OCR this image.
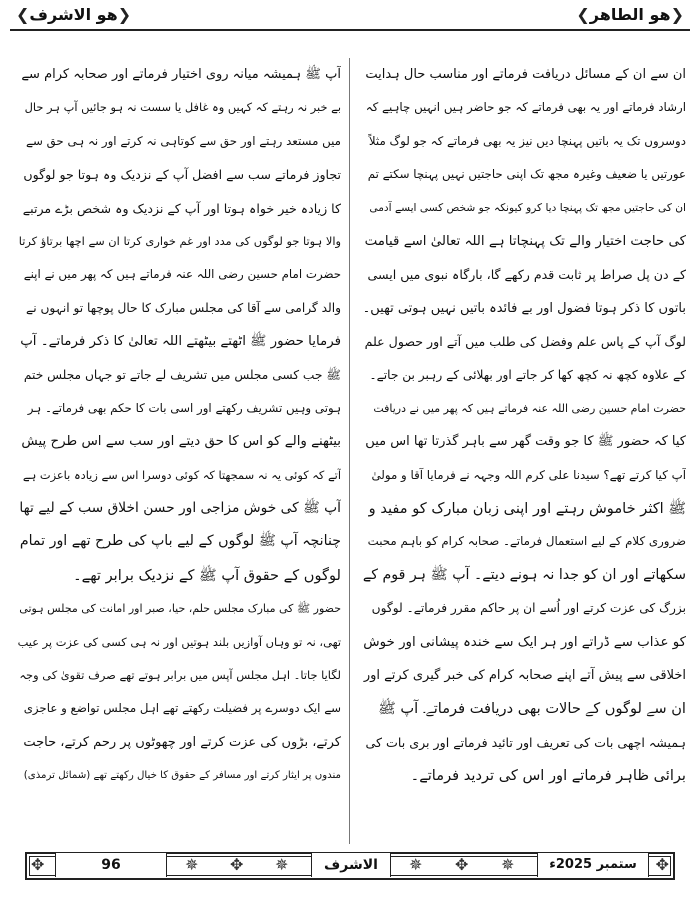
❮ھو الاشرف❯	❮ھو الطاھر❯
ان سے ان کے مسائل دریافت فرماتے اور مناسب حال ہدایت
ارشاد فرماتے اور یہ بھی فرماتے کہ جو حاضر ہیں انہیں چاہیے کہ
دوسروں تک یہ باتیں پہنچا دیں نیز یہ بھی فرماتے کہ جو لوگ مثلاً
عورتیں یا ضعیف وغیرہ مجھ تک اپنی حاجتیں نہیں پہنچا سکتے تم
ان کی حاجتیں مجھ تک پہنچا دیا کرو کیونکہ جو شخص کسی ایسے آدمی
کی حاجت اختیار والے تک پہنچاتا ہے اللہ تعالیٰ اسے قیامت
کے دن پل صراط پر ثابت قدم رکھے گا، بارگاہ نبوی میں ایسی
باتوں کا ذکر ہوتا فضول اور بے فائدہ باتیں نہیں ہوتی تھیں۔
لوگ آپ کے پاس علم وفضل کی طلب میں آتے اور حصول علم
کے علاوہ کچھ نہ کچھ کھا کر جاتے اور بھلائی کے رہبر بن جاتے۔
حضرت امام حسین رضی اللہ عنہ فرماتے ہیں کہ پھر میں نے دریافت
کیا کہ حضور ﷺ کا جو وقت گھر سے باہر گذرتا تھا اس میں
آپ کیا کرتے تھے؟ سیدنا علی کرم اللہ وجہہ نے فرمایا آقا و مولیٰ
ﷺ اکثر خاموش رہتے اور اپنی زبان مبارک کو مفید و
ضروری کلام کے لیے استعمال فرماتے۔ صحابہ کرام کو باہم محبت
سکھاتے اور ان کو جدا نہ ہونے دیتے۔ آپ ﷺ ہر قوم کے
بزرگ کی عزت کرتے اور اُسے ان پر حاکم مقرر فرماتے۔ لوگوں
کو عذاب سے ڈراتے اور ہر ایک سے خندہ پیشانی اور خوش
اخلاقی سے پیش آتے اپنے صحابہ کرام کی خبر گیری کرتے اور
ان سے لوگوں کے حالات بھی دریافت فرماتے۔ آپ ﷺ
ہمیشہ اچھی بات کی تعریف اور تائید فرماتے اور بری بات کی
برائی ظاہر فرماتے اور اس کی تردید فرماتے۔
آپ ﷺ ہمیشہ میانہ روی اختیار فرماتے اور صحابہ کرام سے
بے خبر نہ رہتے کہ کہیں وہ غافل یا سست نہ ہو جائیں آپ ہر حال
میں مستعد رہتے اور حق سے کوتاہی نہ کرتے اور نہ ہی حق سے
تجاوز فرماتے سب سے افضل آپ کے نزدیک وہ ہوتا جو لوگوں
کا زیادہ خیر خواہ ہوتا اور آپ کے نزدیک وہ شخص بڑے مرتبے
والا ہوتا جو لوگوں کی مدد اور غم خواری کرتا ان سے اچھا برتاؤ کرتا
حضرت امام حسین رضی اللہ عنہ فرماتے ہیں کہ پھر میں نے اپنے
والد گرامی سے آقا کی مجلس مبارک کا حال پوچھا تو انہوں نے
فرمایا حضور ﷺ اٹھتے بیٹھتے اللہ تعالیٰ کا ذکر فرماتے۔ آپ
ﷺ جب کسی مجلس میں تشریف لے جاتے تو جہاں مجلس ختم
ہوتی وہیں تشریف رکھتے اور اسی بات کا حکم بھی فرماتے۔ ہر
بیٹھنے والے کو اس کا حق دیتے اور سب سے اس طرح پیش
آتے کہ کوئی یہ نہ سمجھتا کہ کوئی دوسرا اس سے زیادہ باعزت ہے
آپ ﷺ کی خوش مزاجی اور حسن اخلاق سب کے لیے تھا
چنانچہ آپ ﷺ لوگوں کے لیے باپ کی طرح تھے اور تمام
لوگوں کے حقوق آپ ﷺ کے نزدیک برابر تھے۔
حضور ﷺ کی مبارک مجلس حلم، حیا، صبر اور امانت کی مجلس ہوتی
تھی، نہ تو وہاں آوازیں بلند ہوتیں اور نہ ہی کسی کی عزت پر عیب
لگایا جاتا۔ اہل مجلس آپس میں برابر ہوتے تھے صرف تقویٰ کی وجہ
سے ایک دوسرے پر فضیلت رکھتے تھے اہل مجلس تواضع و عاجزی
کرتے، بڑوں کی عزت کرتے اور چھوٹوں پر رحم کرتے، حاجت
مندوں پر ایثار کرتے اور مسافر کے حقوق کا خیال رکھتے تھے (شمائل ترمذی)
✥	96	✵ ✥ ✵	الاشرف	✵ ✥ ✵	ستمبر 2025ء	✥
